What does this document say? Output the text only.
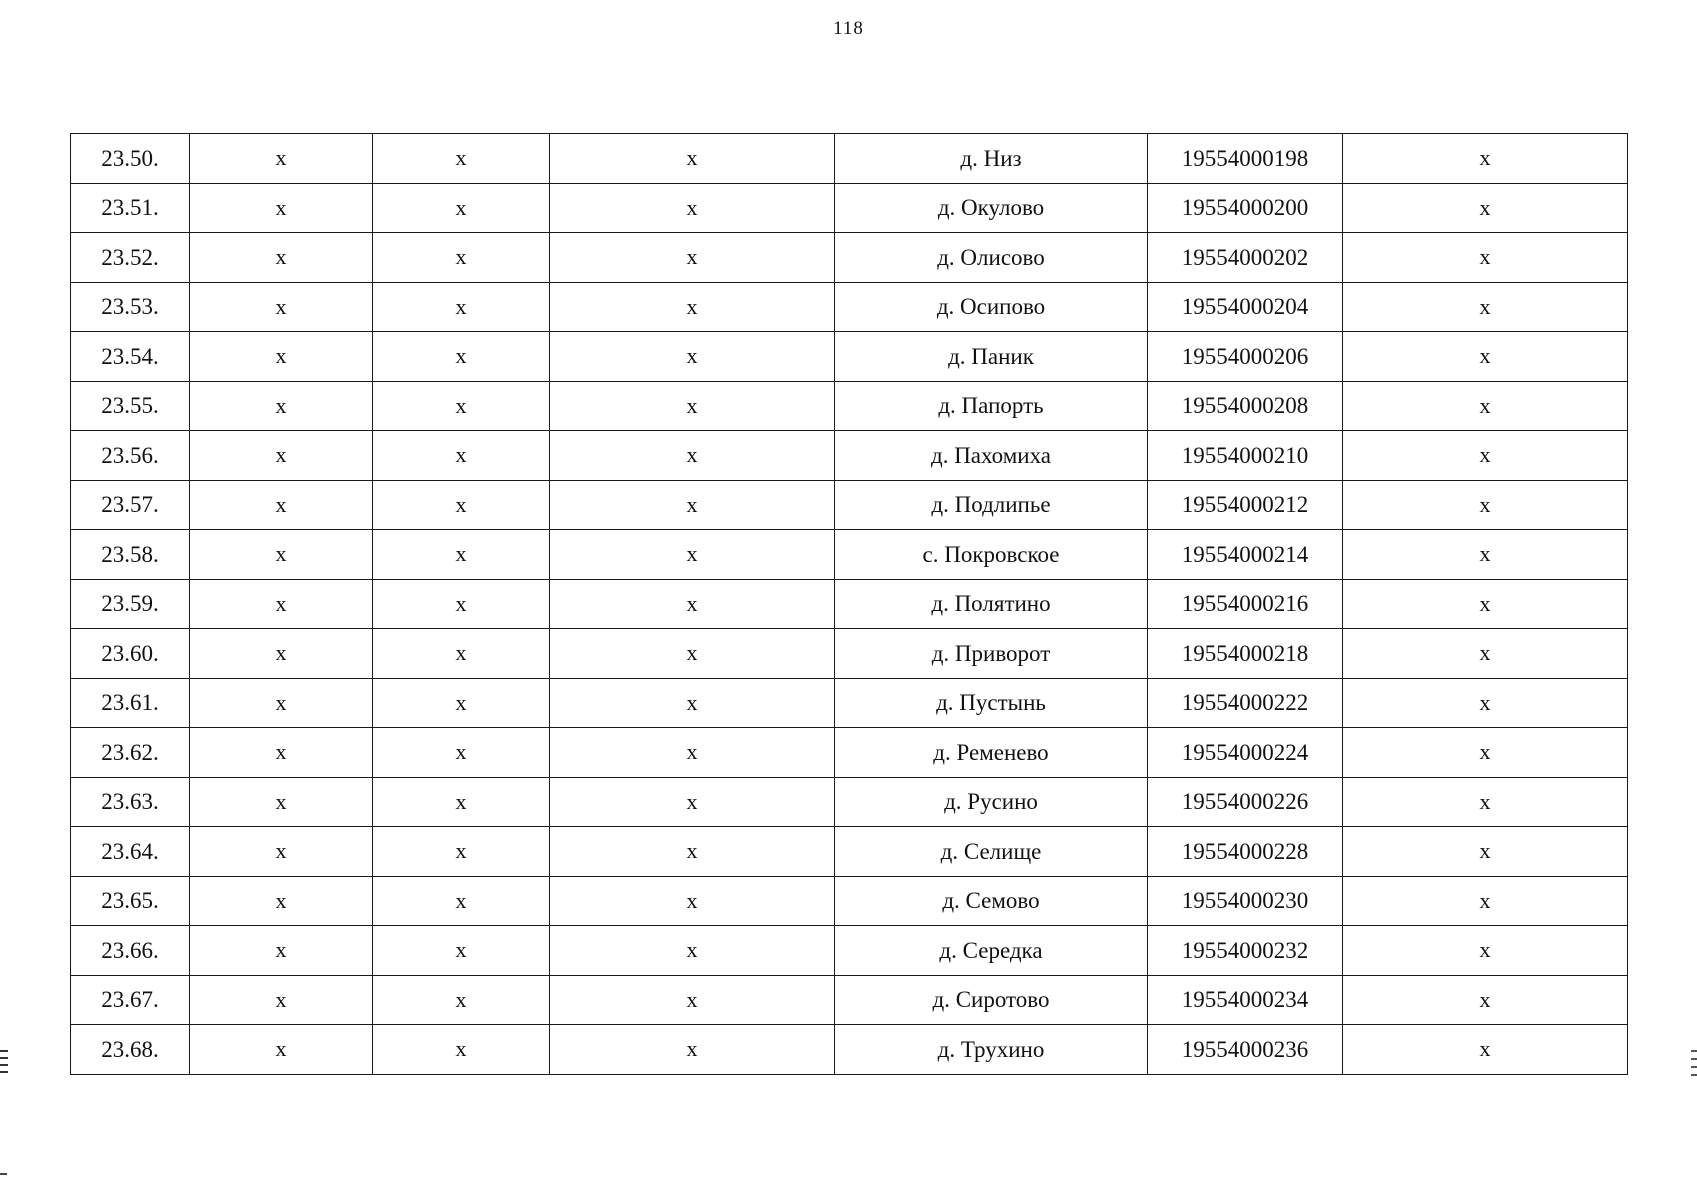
118
23.50.	х	х	х	д. Низ	19554000198	х
23.51.	х	х	х	д. Окулово	19554000200	х
23.52.	х	х	х	д. Олисово	19554000202	х
23.53.	х	х	х	д. Осипово	19554000204	х
23.54.	х	х	х	д. Паник	19554000206	х
23.55.	х	х	х	д. Папорть	19554000208	х
23.56.	х	х	х	д. Пахомиха	19554000210	х
23.57.	х	х	х	д. Подлипье	19554000212	х
23.58.	х	х	х	с. Покровское	19554000214	х
23.59.	х	х	х	д. Полятино	19554000216	х
23.60.	х	х	х	д. Приворот	19554000218	х
23.61.	х	х	х	д. Пустынь	19554000222	х
23.62.	х	х	х	д. Ременево	19554000224	х
23.63.	х	х	х	д. Русино	19554000226	х
23.64.	х	х	х	д. Селище	19554000228	х
23.65.	х	х	х	д. Семово	19554000230	х
23.66.	х	х	х	д. Середка	19554000232	х
23.67.	х	х	х	д. Сиротово	19554000234	х
23.68.	х	х	х	д. Трухино	19554000236	х
